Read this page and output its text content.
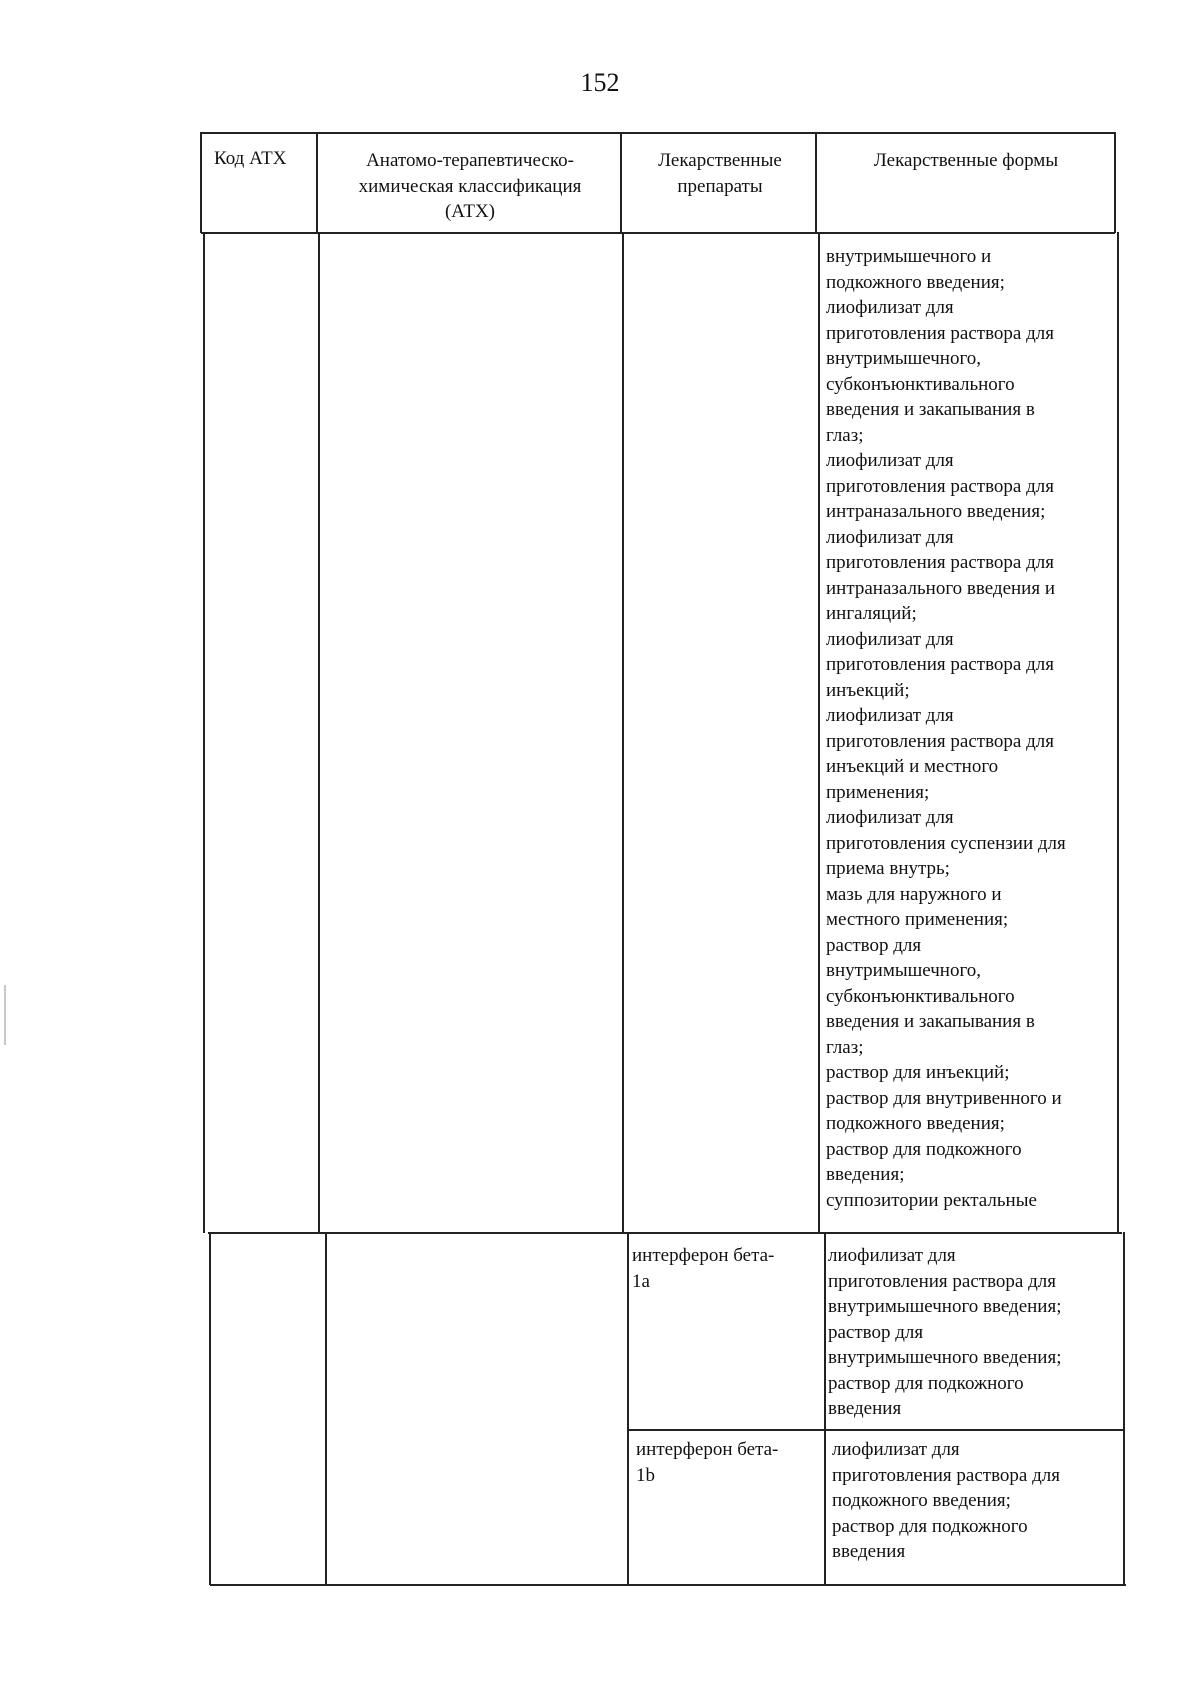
152
Код АТХ	Анатомо-терапевтическо-
химическая классификация
(АТХ)
Лекарственные
препараты
Лекарственные формы
внутримышечного и
подкожного введения;
лиофилизат для
приготовления раствора для
внутримышечного,
субконъюнктивального
введения и закапывания в
глаз;
лиофилизат для
приготовления раствора для
интраназального введения;
лиофилизат для
приготовления раствора для
интраназального введения и
ингаляций;
лиофилизат для
приготовления раствора для
инъекций;
лиофилизат для
приготовления раствора для
инъекций и местного
применения;
лиофилизат для
приготовления суспензии для
приема внутрь;
мазь для наружного и
местного применения;
раствор для
внутримышечного,
субконъюнктивального
введения и закапывания в
глаз;
раствор для инъекций;
раствор для внутривенного и
подкожного введения;
раствор для подкожного
введения;
суппозитории ректальные
интерферон бета-
1a
лиофилизат для
приготовления раствора для
внутримышечного введения;
раствор для
внутримышечного введения;
раствор для подкожного
введения
интерферон бета-
1b
лиофилизат для
приготовления раствора для
подкожного введения;
раствор для подкожного
введения
